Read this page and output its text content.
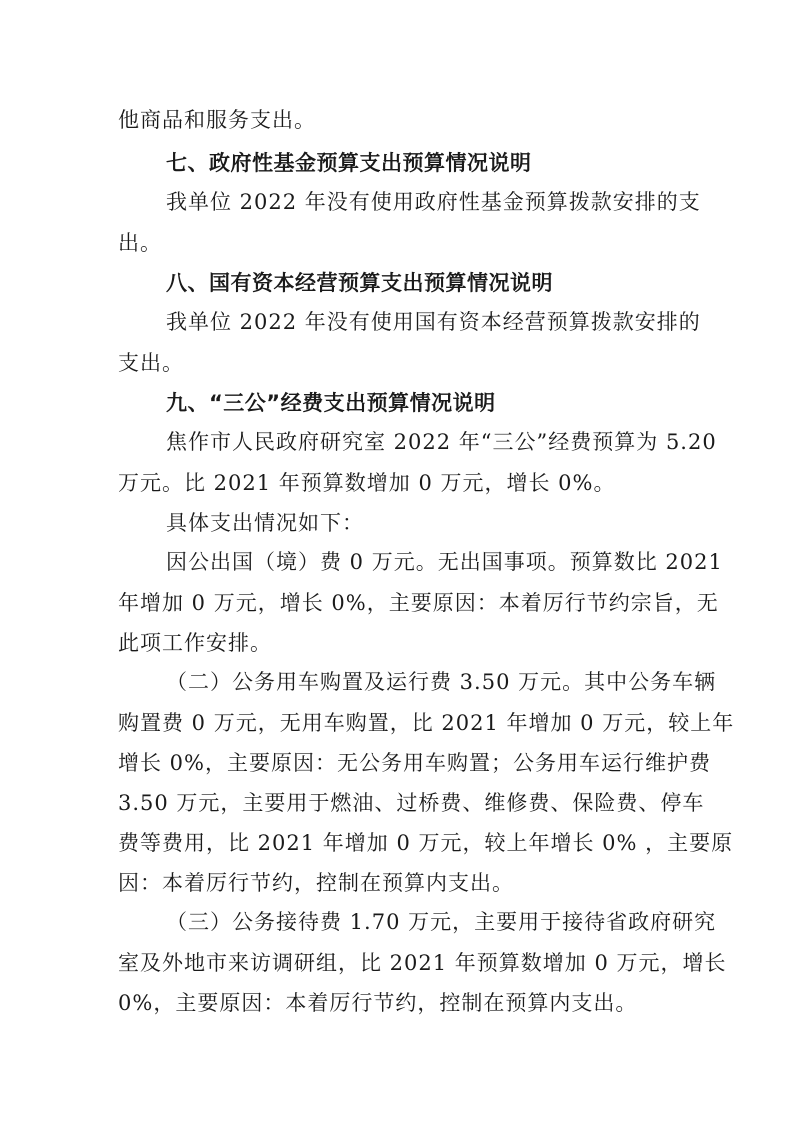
他商品和服务支出。
七、政府性基金预算支出预算情况说明
我单位 2022 年没有使用政府性基金预算拨款安排的支
出。
八、国有资本经营预算支出预算情况说明
我单位 2022 年没有使用国有资本经营预算拨款安排的
支出。
九、“三公”经费支出预算情况说明
焦作市人民政府研究室 2022 年“三公”经费预算为 5.20
万元。比 2021 年预算数增加 0 万元，增长 0%。
具体支出情况如下：
因公出国（境）费 0 万元。无出国事项。预算数比 2021
年增加 0 万元，增长 0%，主要原因：本着厉行节约宗旨，无
此项工作安排。
（二）公务用车购置及运行费 3.50 万元。其中公务车辆
购置费 0 万元，无用车购置，比 2021 年增加 0 万元，较上年
增长 0%，主要原因：无公务用车购置；公务用车运行维护费
3.50 万元，主要用于燃油、过桥费、维修费、保险费、停车
费等费用，比 2021 年增加 0 万元，较上年增长 0% ，主要原
因：本着厉行节约，控制在预算内支出。
（三）公务接待费 1.70 万元，主要用于接待省政府研究
室及外地市来访调研组，比 2021 年预算数增加 0 万元，增长
0%，主要原因：本着厉行节约，控制在预算内支出。
